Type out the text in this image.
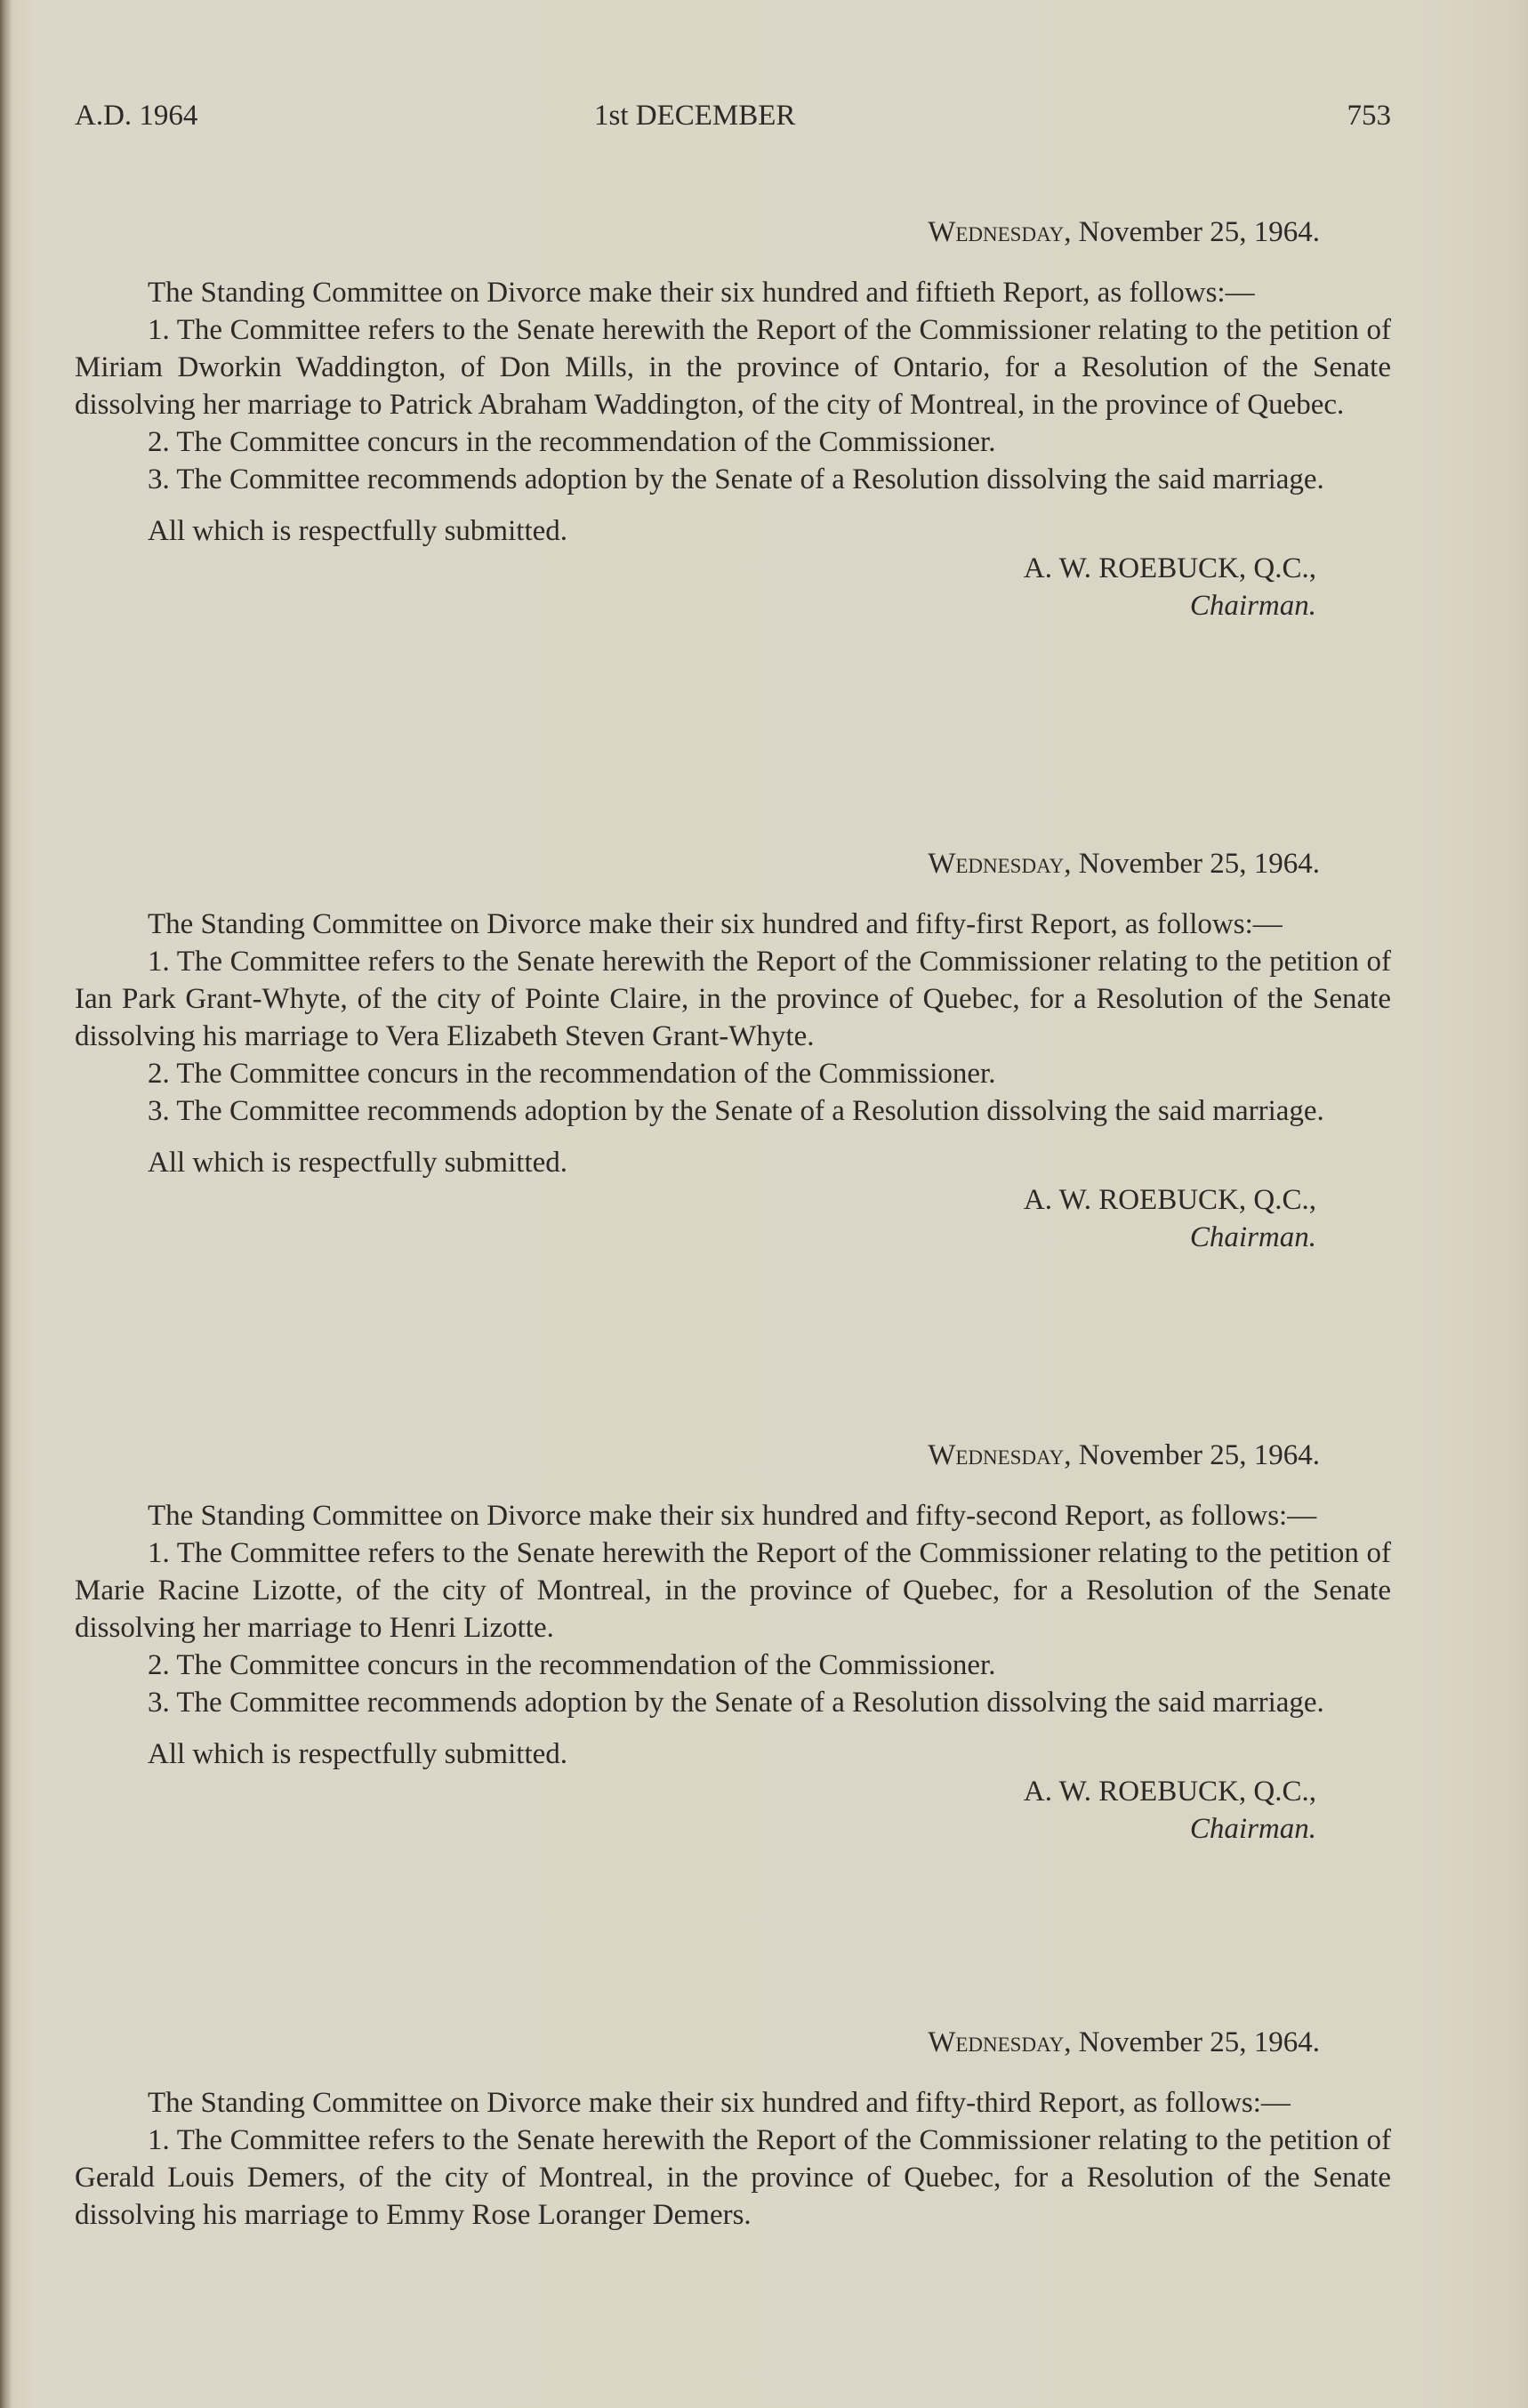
A.D. 1964	1st DECEMBER	753
Wednesday, November 25, 1964.

The Standing Committee on Divorce make their six hundred and fiftieth Report, as follows:—

1. The Committee refers to the Senate herewith the Report of the Commissioner relating to the petition of Miriam Dworkin Waddington, of Don Mills, in the province of Ontario, for a Resolution of the Senate dissolving her marriage to Patrick Abraham Waddington, of the city of Montreal, in the province of Quebec.

2. The Committee concurs in the recommendation of the Commissioner.

3. The Committee recommends adoption by the Senate of a Resolution dissolving the said marriage.

All which is respectfully submitted.

A. W. ROEBUCK, Q.C.,
Chairman.
Wednesday, November 25, 1964.

The Standing Committee on Divorce make their six hundred and fifty-first Report, as follows:—

1. The Committee refers to the Senate herewith the Report of the Commissioner relating to the petition of Ian Park Grant-Whyte, of the city of Pointe Claire, in the province of Quebec, for a Resolution of the Senate dissolving his marriage to Vera Elizabeth Steven Grant-Whyte.

2. The Committee concurs in the recommendation of the Commissioner.

3. The Committee recommends adoption by the Senate of a Resolution dissolving the said marriage.

All which is respectfully submitted.

A. W. ROEBUCK, Q.C.,
Chairman.
Wednesday, November 25, 1964.

The Standing Committee on Divorce make their six hundred and fifty-second Report, as follows:—

1. The Committee refers to the Senate herewith the Report of the Commissioner relating to the petition of Marie Racine Lizotte, of the city of Montreal, in the province of Quebec, for a Resolution of the Senate dissolving her marriage to Henri Lizotte.

2. The Committee concurs in the recommendation of the Commissioner.

3. The Committee recommends adoption by the Senate of a Resolution dissolving the said marriage.

All which is respectfully submitted.

A. W. ROEBUCK, Q.C.,
Chairman.
Wednesday, November 25, 1964.

The Standing Committee on Divorce make their six hundred and fifty-third Report, as follows:—

1. The Committee refers to the Senate herewith the Report of the Commissioner relating to the petition of Gerald Louis Demers, of the city of Montreal, in the province of Quebec, for a Resolution of the Senate dissolving his marriage to Emmy Rose Loranger Demers.
